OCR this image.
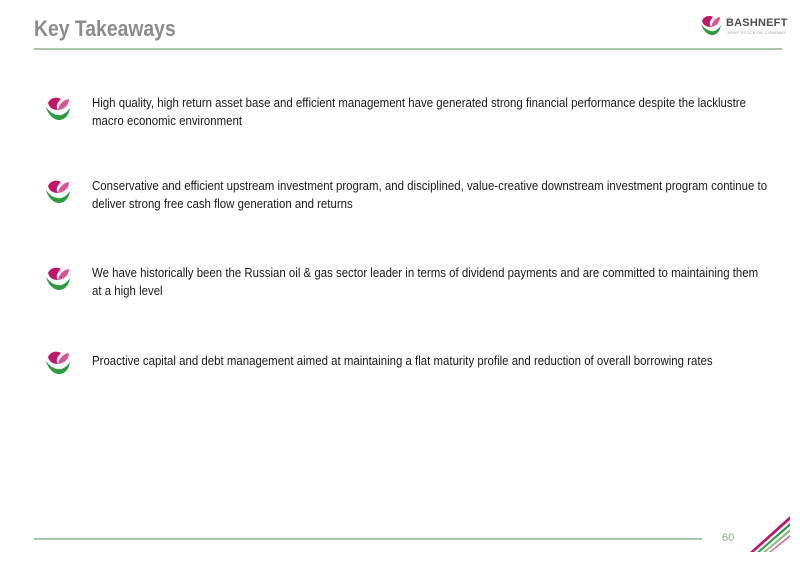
Key Takeaways	BASHNEFT
JOINT STOCK OIL COMPANY
High quality, high return asset base and efficient management have generated strong financial performance despite the lacklustre macro economic environment
Conservative and efficient upstream investment program, and disciplined, value-creative downstream investment program continue to deliver strong free cash flow generation and returns
We have historically been the Russian oil & gas sector leader in terms of dividend payments and are committed to maintaining them at a high level
Proactive capital and debt management aimed at maintaining a flat maturity profile and reduction of overall borrowing rates
60
